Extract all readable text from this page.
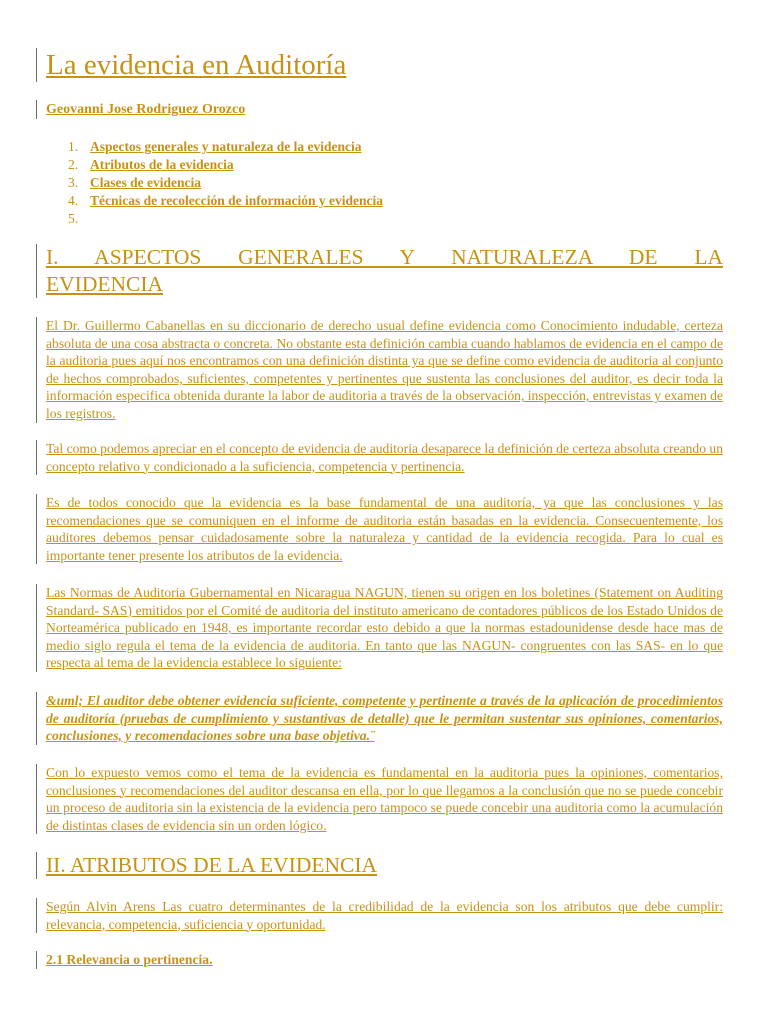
La evidencia en Auditoría
Geovanni Jose Rodriguez Orozco
1. Aspectos generales y naturaleza de la evidencia
2. Atributos de la evidencia
3. Clases de evidencia
4. Técnicas de recolección de información y evidencia
5.
I. ASPECTOS GENERALES Y NATURALEZA DE LA
EVIDENCIA

El Dr. Guillermo Cabanellas en su diccionario de derecho usual define evidencia como Conocimiento indudable, certeza absoluta de una cosa abstracta o concreta. No obstante esta definición cambia cuando hablamos de evidencia en el campo de la auditoria pues aquí nos encontramos con una definición distinta ya que se define como evidencia de auditoria al conjunto de hechos comprobados, suficientes, competentes y pertinentes que sustenta las conclusiones del auditor, es decir toda la información especifica obtenida durante la labor de auditoria a través de la observación, inspección, entrevistas y examen de los registros.

Tal como podemos apreciar en el concepto de evidencia de auditoria desaparece la definición de certeza absoluta creando un concepto relativo y condicionado a la suficiencia, competencia y pertinencia.

Es de todos conocido que la evidencia es la base fundamental de una auditoría, ya que las conclusiones y las recomendaciones que se comuniquen en el informe de auditoria están basadas en la evidencia. Consecuentemente, los auditores debemos pensar cuidadosamente sobre la naturaleza y cantidad de la evidencia recogida. Para lo cual es importante tener presente los atributos de la evidencia.

Las Normas de Auditoria Gubernamental en Nicaragua NAGUN, tienen su origen en los boletines (Statement on Auditing Standard- SAS) emitidos por el Comité de auditoria del instituto americano de contadores públicos de los Estado Unidos de Norteamérica publicado en 1948, es importante recordar esto debido a que la normas estadounidense desde hace mas de medio siglo regula el tema de la evidencia de auditoria. En tanto que las NAGUN- congruentes con las SAS- en lo que respecta al tema de la evidencia establece lo siguiente:

&uml; El auditor debe obtener evidencia suficiente, competente y pertinente a través de la aplicación de procedimientos de auditoría (pruebas de cumplimiento y sustantivas de detalle) que le permitan sustentar sus opiniones, comentarios, conclusiones, y recomendaciones sobre una base objetiva.¨

Con lo expuesto vemos como el tema de la evidencia es fundamental en la auditoria pues la opiniones, comentarios, conclusiones y recomendaciones del auditor descansa en ella, por lo que llegamos a la conclusión que no se puede concebir un proceso de auditoria sin la existencia de la evidencia pero tampoco se puede concebir una auditoria como la acumulación de distintas clases de evidencia sin un orden lógico.

II. ATRIBUTOS DE LA EVIDENCIA

Según Alvin Arens Las cuatro determinantes de la credibilidad de la evidencia son los atributos que debe cumplir: relevancia, competencia, suficiencia y oportunidad.

2.1 Relevancia o pertinencia.
